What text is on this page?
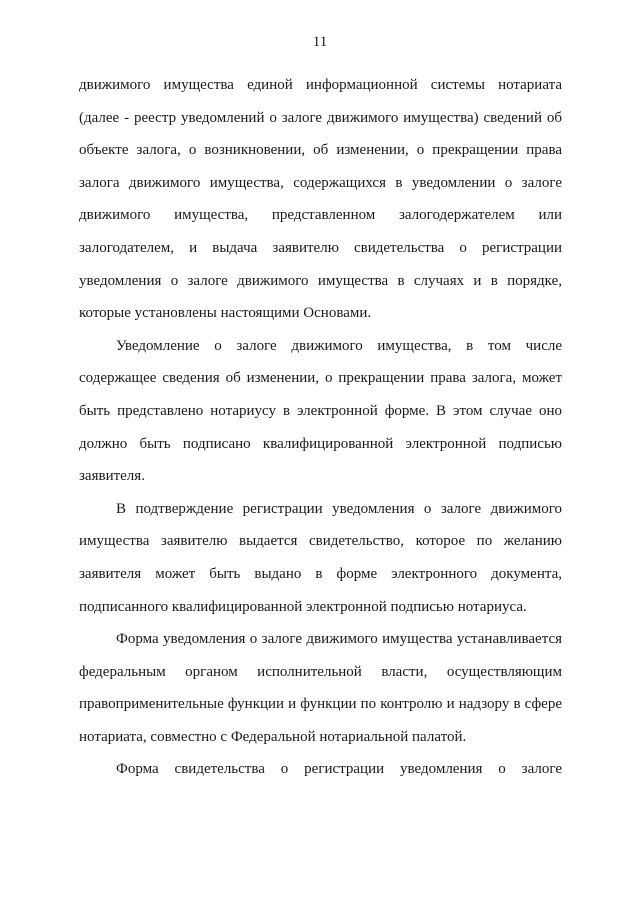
11
движимого имущества единой информационной системы нотариата
(далее - реестр уведомлений о залоге движимого имущества) сведений об
объекте залога, о возникновении, об изменении, о прекращении права
залога движимого имущества, содержащихся в уведомлении о залоге
движимого имущества, представленном залогодержателем или
залогодателем, и выдача заявителю свидетельства о регистрации
уведомления о залоге движимого имущества в случаях и в порядке,
которые установлены настоящими Основами.
Уведомление о залоге движимого имущества, в том числе
содержащее сведения об изменении, о прекращении права залога, может
быть представлено нотариусу в электронной форме. В этом случае оно
должно быть подписано квалифицированной электронной подписью
заявителя.
В подтверждение регистрации уведомления о залоге движимого
имущества заявителю выдается свидетельство, которое по желанию
заявителя может быть выдано в форме электронного документа,
подписанного квалифицированной электронной подписью нотариуса.
Форма уведомления о залоге движимого имущества устанавливается
федеральным органом исполнительной власти, осуществляющим
правоприменительные функции и функции по контролю и надзору в сфере
нотариата, совместно с Федеральной нотариальной палатой.
Форма свидетельства о регистрации уведомления о залоге
